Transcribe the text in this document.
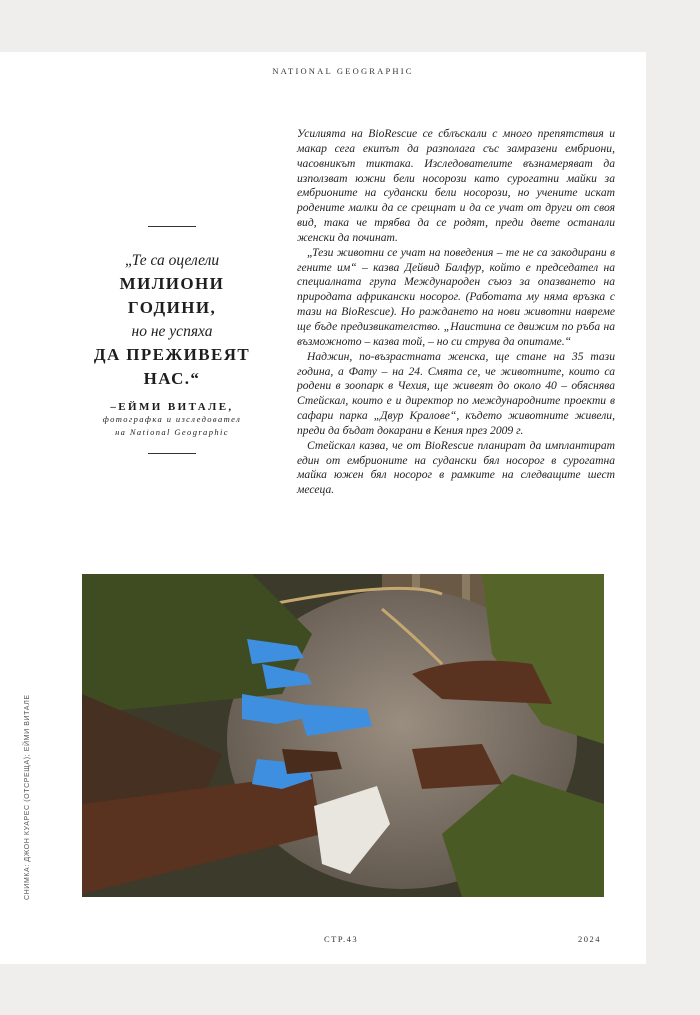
NATIONAL GEOGRAPHIC

„Те са оцелели

МИЛИОНИ

ГОДИНИ,

но не успяха

ДА ПРЕЖИВЕЯТ

НАС.“

–ЕЙМИ ВИТАЛЕ,
фотографка и изследовател
на National Geographic

Усилията на BioRescue се сблъскали с много препятствия и макар сега екипът да разполага със замразени ембриони, часовникът тиктака. Изследователите възнамеряват да използват южни бели носорози като сурогатни майки за ембрионите на судански бели носорози, но учените искат родените малки да се срещнат и да се учат от други от своя вид, така че трябва да се родят, преди двете останали женски да починат.

„Тези животни се учат на поведения – те не са закодирани в гените им“ – казва Дейвид Балфур, който е председател на специалната група Международен съюз за опазването на природата африкански носорог. (Работата му няма връзка с тази на BioRescue). Но раждането на нови животни навреме ще бъде предизвикателство. „Наистина се движим по ръба на възможното – казва той, – но си струва да опитаме.“

Наджин, по-възрастната женска, ще стане на 35 тази година, а Фату – на 24. Смята се, че животните, които са родени в зоопарк в Чехия, ще живеят до около 40 – обяснява Стейскал, които е и директор по международните проекти в сафари парка „Двур Кралове“, където животните живели, преди да бъдат докарани в Кения през 2009 г.

Стейскал казва, че от BioRescue планират да имплантират един от ембрионите на судански бял носорог в сурогатна майка южен бял носорог в рамките на следващите шест месеца.

СНИМКА: ДЖОН КУАРЕС (ОТСРЕЩА); ЕЙМИ ВИТАЛЕ
СТР.43	2024
